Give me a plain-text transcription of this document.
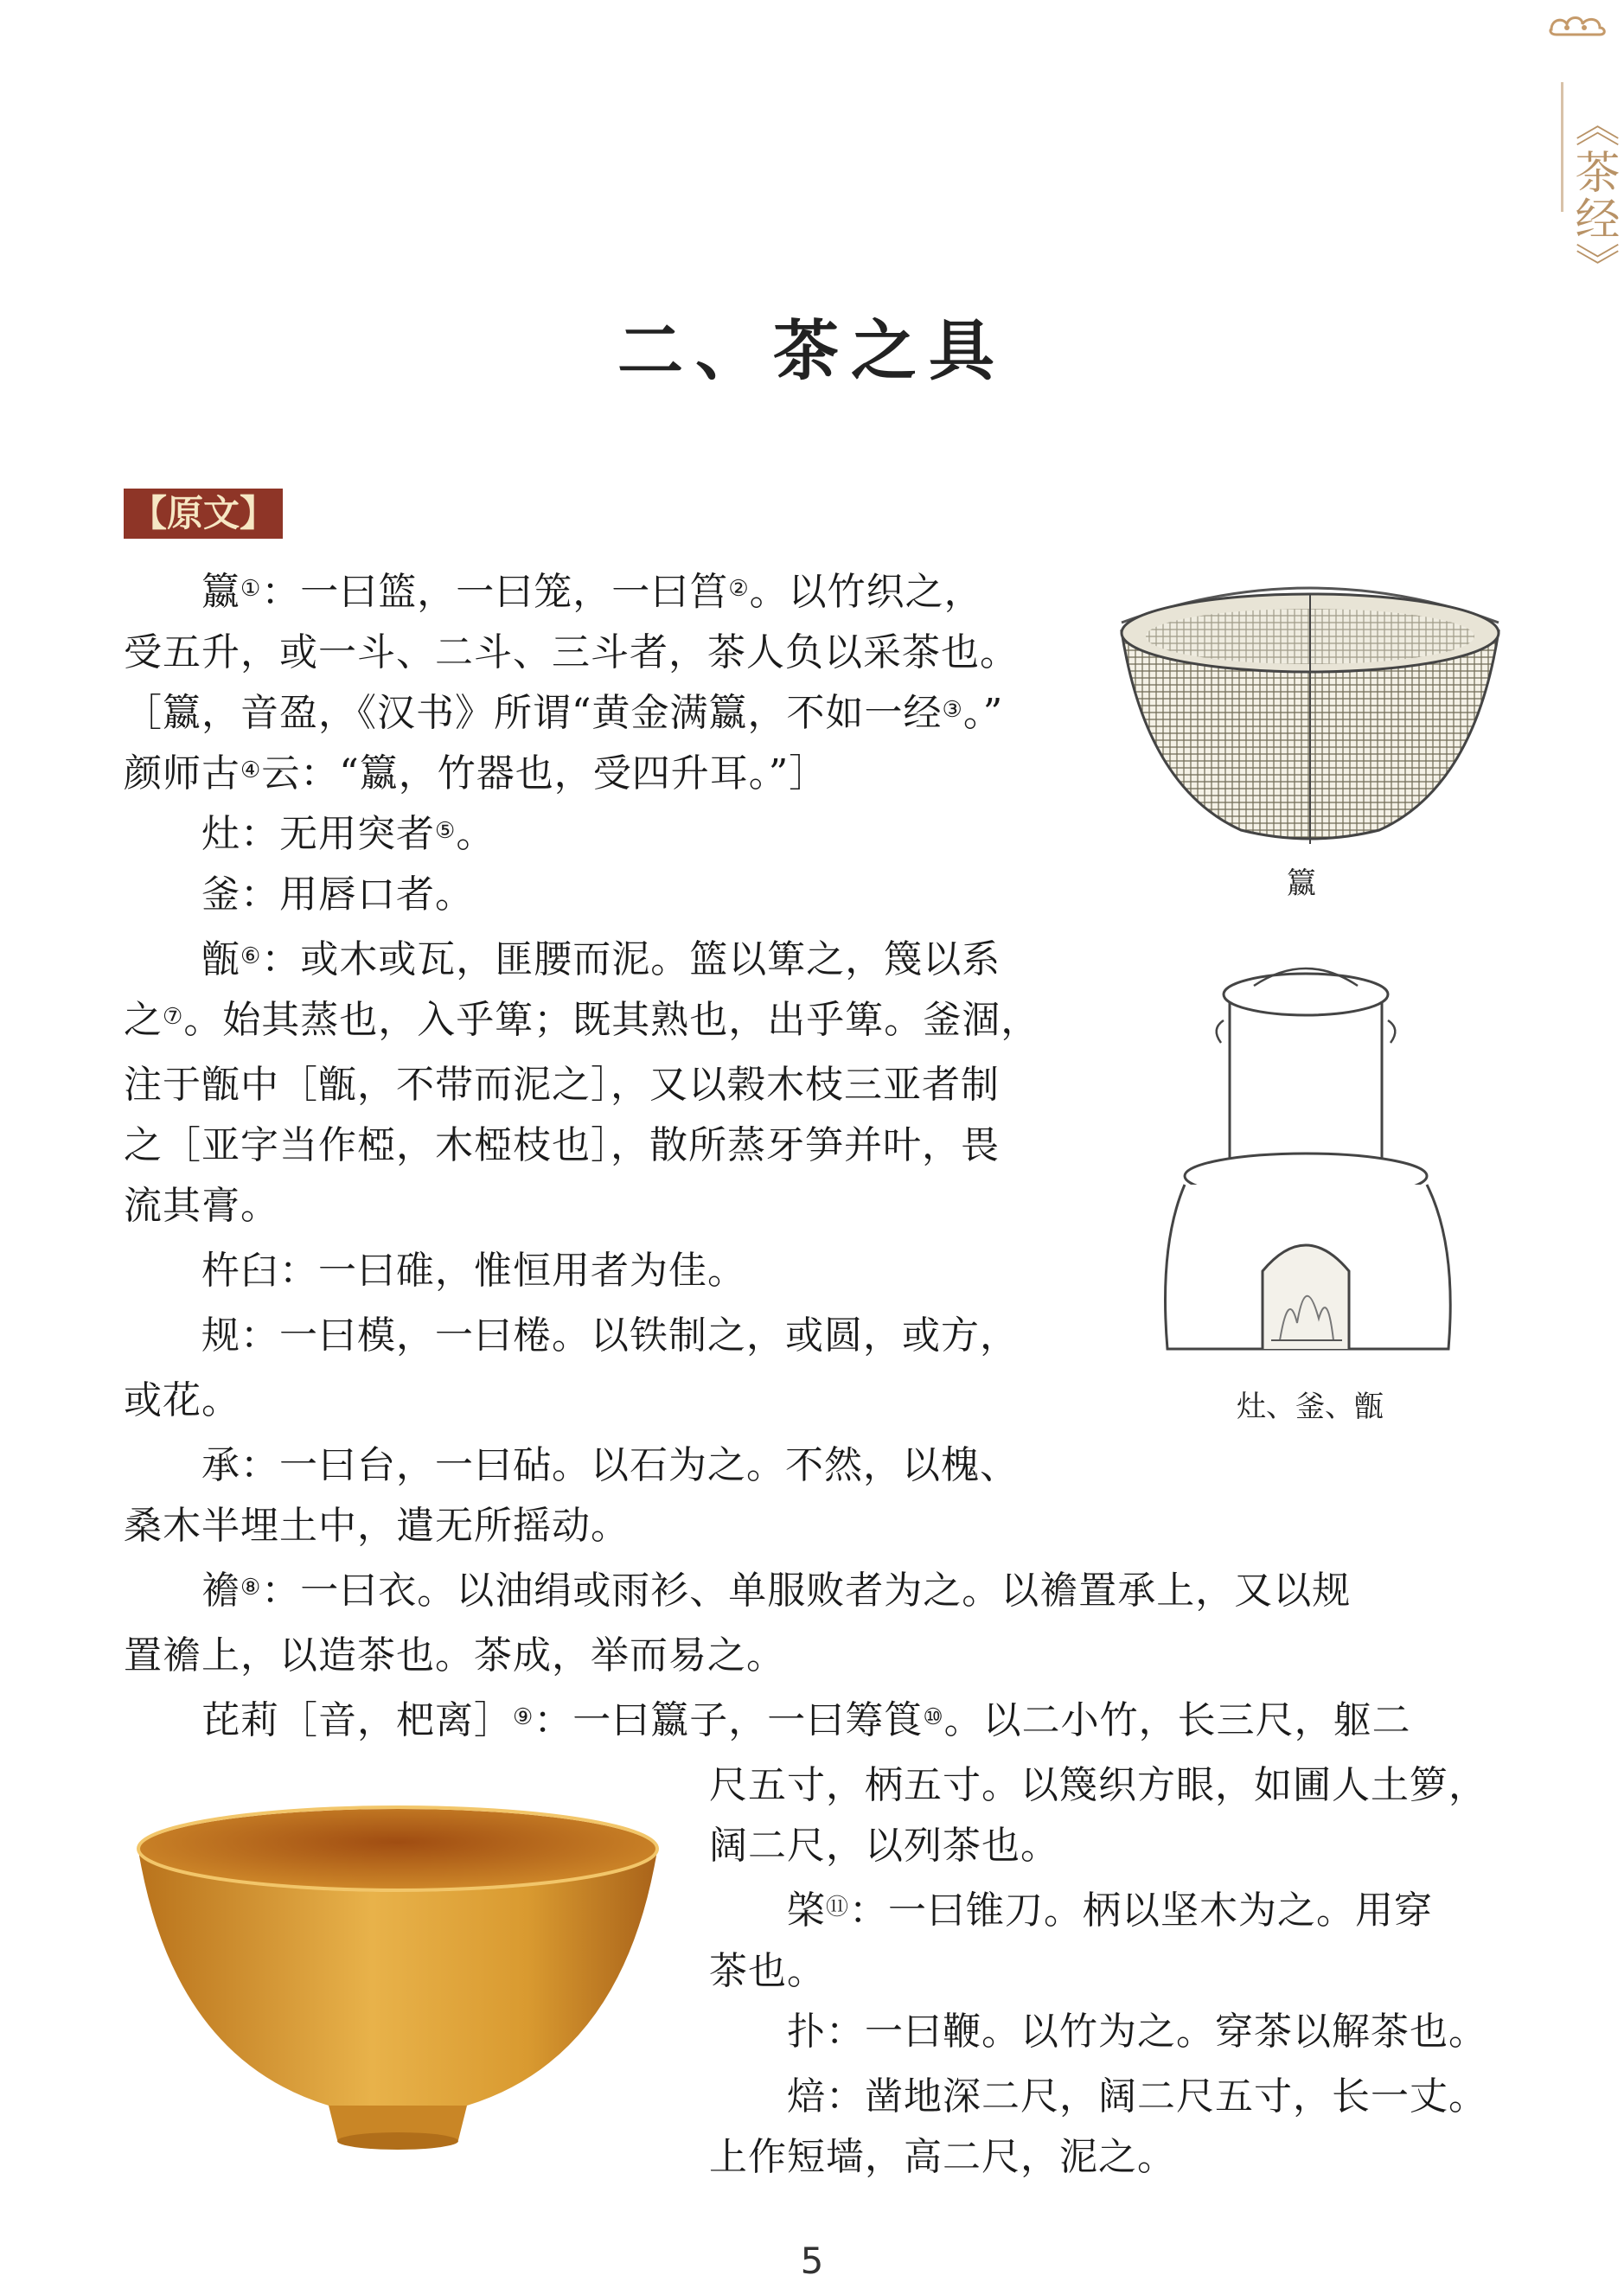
《茶经》
二、茶之具
【原文】
　　籝①：一曰篮，一曰笼，一曰筥②。以竹织之，
受五升，或一斗、二斗、三斗者，茶人负以采茶也。
［籝，音盈，《汉书》所谓“黄金满籝，不如一经③。”
颜师古④云：“籝，竹器也，受四升耳。”］
　　灶：无用突者⑤。
　　釜：用唇口者。
　　甑⑥：或木或瓦，匪腰而泥。篮以箄之，篾以系
之⑦。始其蒸也，入乎箄；既其熟也，出乎箄。釜涸，
注于甑中［甑，不带而泥之］，又以榖木枝三亚者制
之［亚字当作椏，木椏枝也］，散所蒸牙笋并叶，畏
流其膏。
　　杵臼：一曰碓，惟恒用者为佳。
　　规：一曰模，一曰棬。以铁制之，或圆，或方，
或花。
　　承：一曰台，一曰砧。以石为之。不然，以槐、
桑木半埋土中，遣无所摇动。
　　襜⑧：一曰衣。以油绢或雨衫、单服败者为之。以襜置承上，又以规
置襜上，以造茶也。茶成，举而易之。
　　芘莉［音，杷离］⑨：一曰籝子，一曰筹筤⑩。以二小竹，长三尺，躯二
尺五寸，柄五寸。以篾织方眼，如圃人土箩，
阔二尺，以列茶也。
　　棨⑪：一曰锥刀。柄以坚木为之。用穿
茶也。
　　扑：一曰鞭。以竹为之。穿茶以解茶也。
　　焙：凿地深二尺，阔二尺五寸，长一丈。
上作短墙，高二尺，泥之。
籝
灶、釜、甑
5
